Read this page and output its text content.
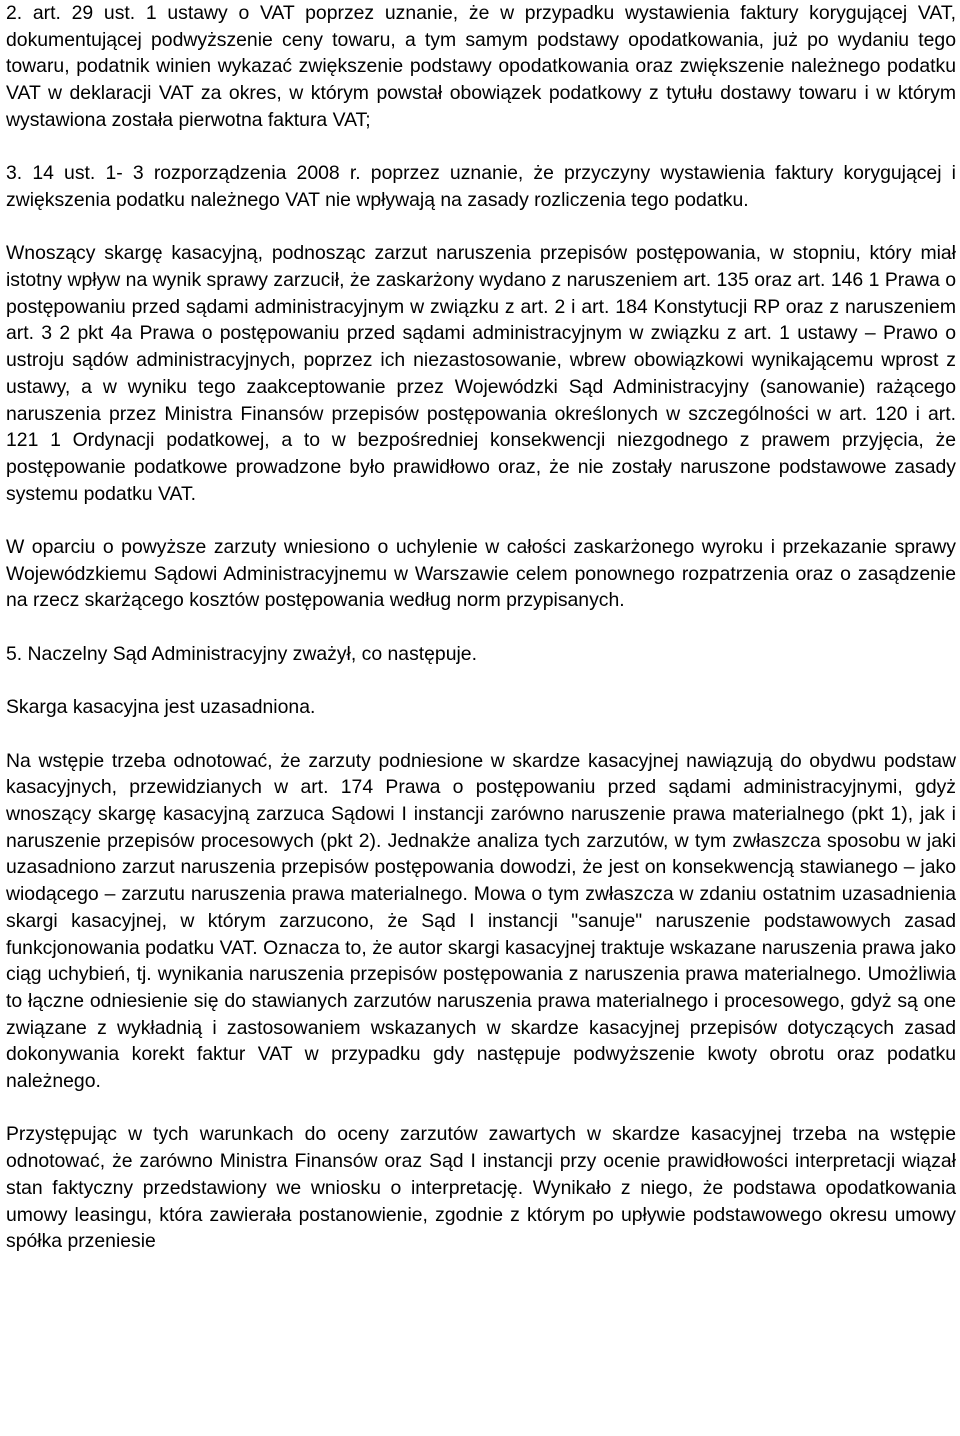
2. art. 29 ust. 1 ustawy o VAT poprzez uznanie, że w przypadku wystawienia faktury korygującej VAT, dokumentującej podwyższenie ceny towaru, a tym samym podstawy opodatkowania, już po wydaniu tego towaru, podatnik winien wykazać zwiększenie podstawy opodatkowania oraz zwiększenie należnego podatku VAT w deklaracji VAT za okres, w którym powstał obowiązek podatkowy z tytułu dostawy towaru i w którym wystawiona została pierwotna faktura VAT;

3. 14 ust. 1- 3 rozporządzenia 2008 r. poprzez uznanie, że przyczyny wystawienia faktury korygującej i zwiększenia podatku należnego VAT nie wpływają na zasady rozliczenia tego podatku.

Wnoszący skargę kasacyjną, podnosząc zarzut naruszenia przepisów postępowania, w stopniu, który miał istotny wpływ na wynik sprawy zarzucił, że zaskarżony wydano z naruszeniem art. 135 oraz art. 146 1 Prawa o postępowaniu przed sądami administracyjnym w związku z art. 2 i art. 184 Konstytucji RP oraz z naruszeniem art. 3 2 pkt 4a Prawa o postępowaniu przed sądami administracyjnym w związku z art. 1 ustawy – Prawo o ustroju sądów administracyjnych, poprzez ich niezastosowanie, wbrew obowiązkowi wynikającemu wprost z ustawy, a w wyniku tego zaakceptowanie przez Wojewódzki Sąd Administracyjny (sanowanie) rażącego naruszenia przez Ministra Finansów przepisów postępowania określonych w szczególności w art. 120 i art. 121 1 Ordynacji podatkowej, a to w bezpośredniej konsekwencji niezgodnego z prawem przyjęcia, że postępowanie podatkowe prowadzone było prawidłowo oraz, że nie zostały naruszone podstawowe zasady systemu podatku VAT.

W oparciu o powyższe zarzuty wniesiono o uchylenie w całości zaskarżonego wyroku i przekazanie sprawy Wojewódzkiemu Sądowi Administracyjnemu w Warszawie celem ponownego rozpatrzenia oraz o zasądzenie na rzecz skarżącego kosztów postępowania według norm przypisanych.

5. Naczelny Sąd Administracyjny zważył, co następuje.

Skarga kasacyjna jest uzasadniona.

Na wstępie trzeba odnotować, że zarzuty podniesione w skardze kasacyjnej nawiązują do obydwu podstaw kasacyjnych, przewidzianych w art. 174 Prawa o postępowaniu przed sądami administracyjnymi, gdyż wnoszący skargę kasacyjną zarzuca Sądowi I instancji zarówno naruszenie prawa materialnego (pkt 1), jak i naruszenie przepisów procesowych (pkt 2). Jednakże analiza tych zarzutów, w tym zwłaszcza sposobu w jaki uzasadniono zarzut naruszenia przepisów postępowania dowodzi, że jest on konsekwencją stawianego – jako wiodącego – zarzutu naruszenia prawa materialnego. Mowa o tym zwłaszcza w zdaniu ostatnim uzasadnienia skargi kasacyjnej, w którym zarzucono, że Sąd I instancji "sanuje" naruszenie podstawowych zasad funkcjonowania podatku VAT. Oznacza to, że autor skargi kasacyjnej traktuje wskazane naruszenia prawa jako ciąg uchybień, tj. wynikania naruszenia przepisów postępowania z naruszenia prawa materialnego. Umożliwia to łączne odniesienie się do stawianych zarzutów naruszenia prawa materialnego i procesowego, gdyż są one związane z wykładnią i zastosowaniem wskazanych w skardze kasacyjnej przepisów dotyczących zasad dokonywania korekt faktur VAT w przypadku gdy następuje podwyższenie kwoty obrotu oraz podatku należnego.

Przystępując w tych warunkach do oceny zarzutów zawartych w skardze kasacyjnej trzeba na wstępie odnotować, że zarówno Ministra Finansów oraz Sąd I instancji przy ocenie prawidłowości interpretacji wiązał stan faktyczny przedstawiony we wniosku o interpretację. Wynikało z niego, że podstawa opodatkowania umowy leasingu, która zawierała postanowienie, zgodnie z którym po upływie podstawowego okresu umowy spółka przeniesie
